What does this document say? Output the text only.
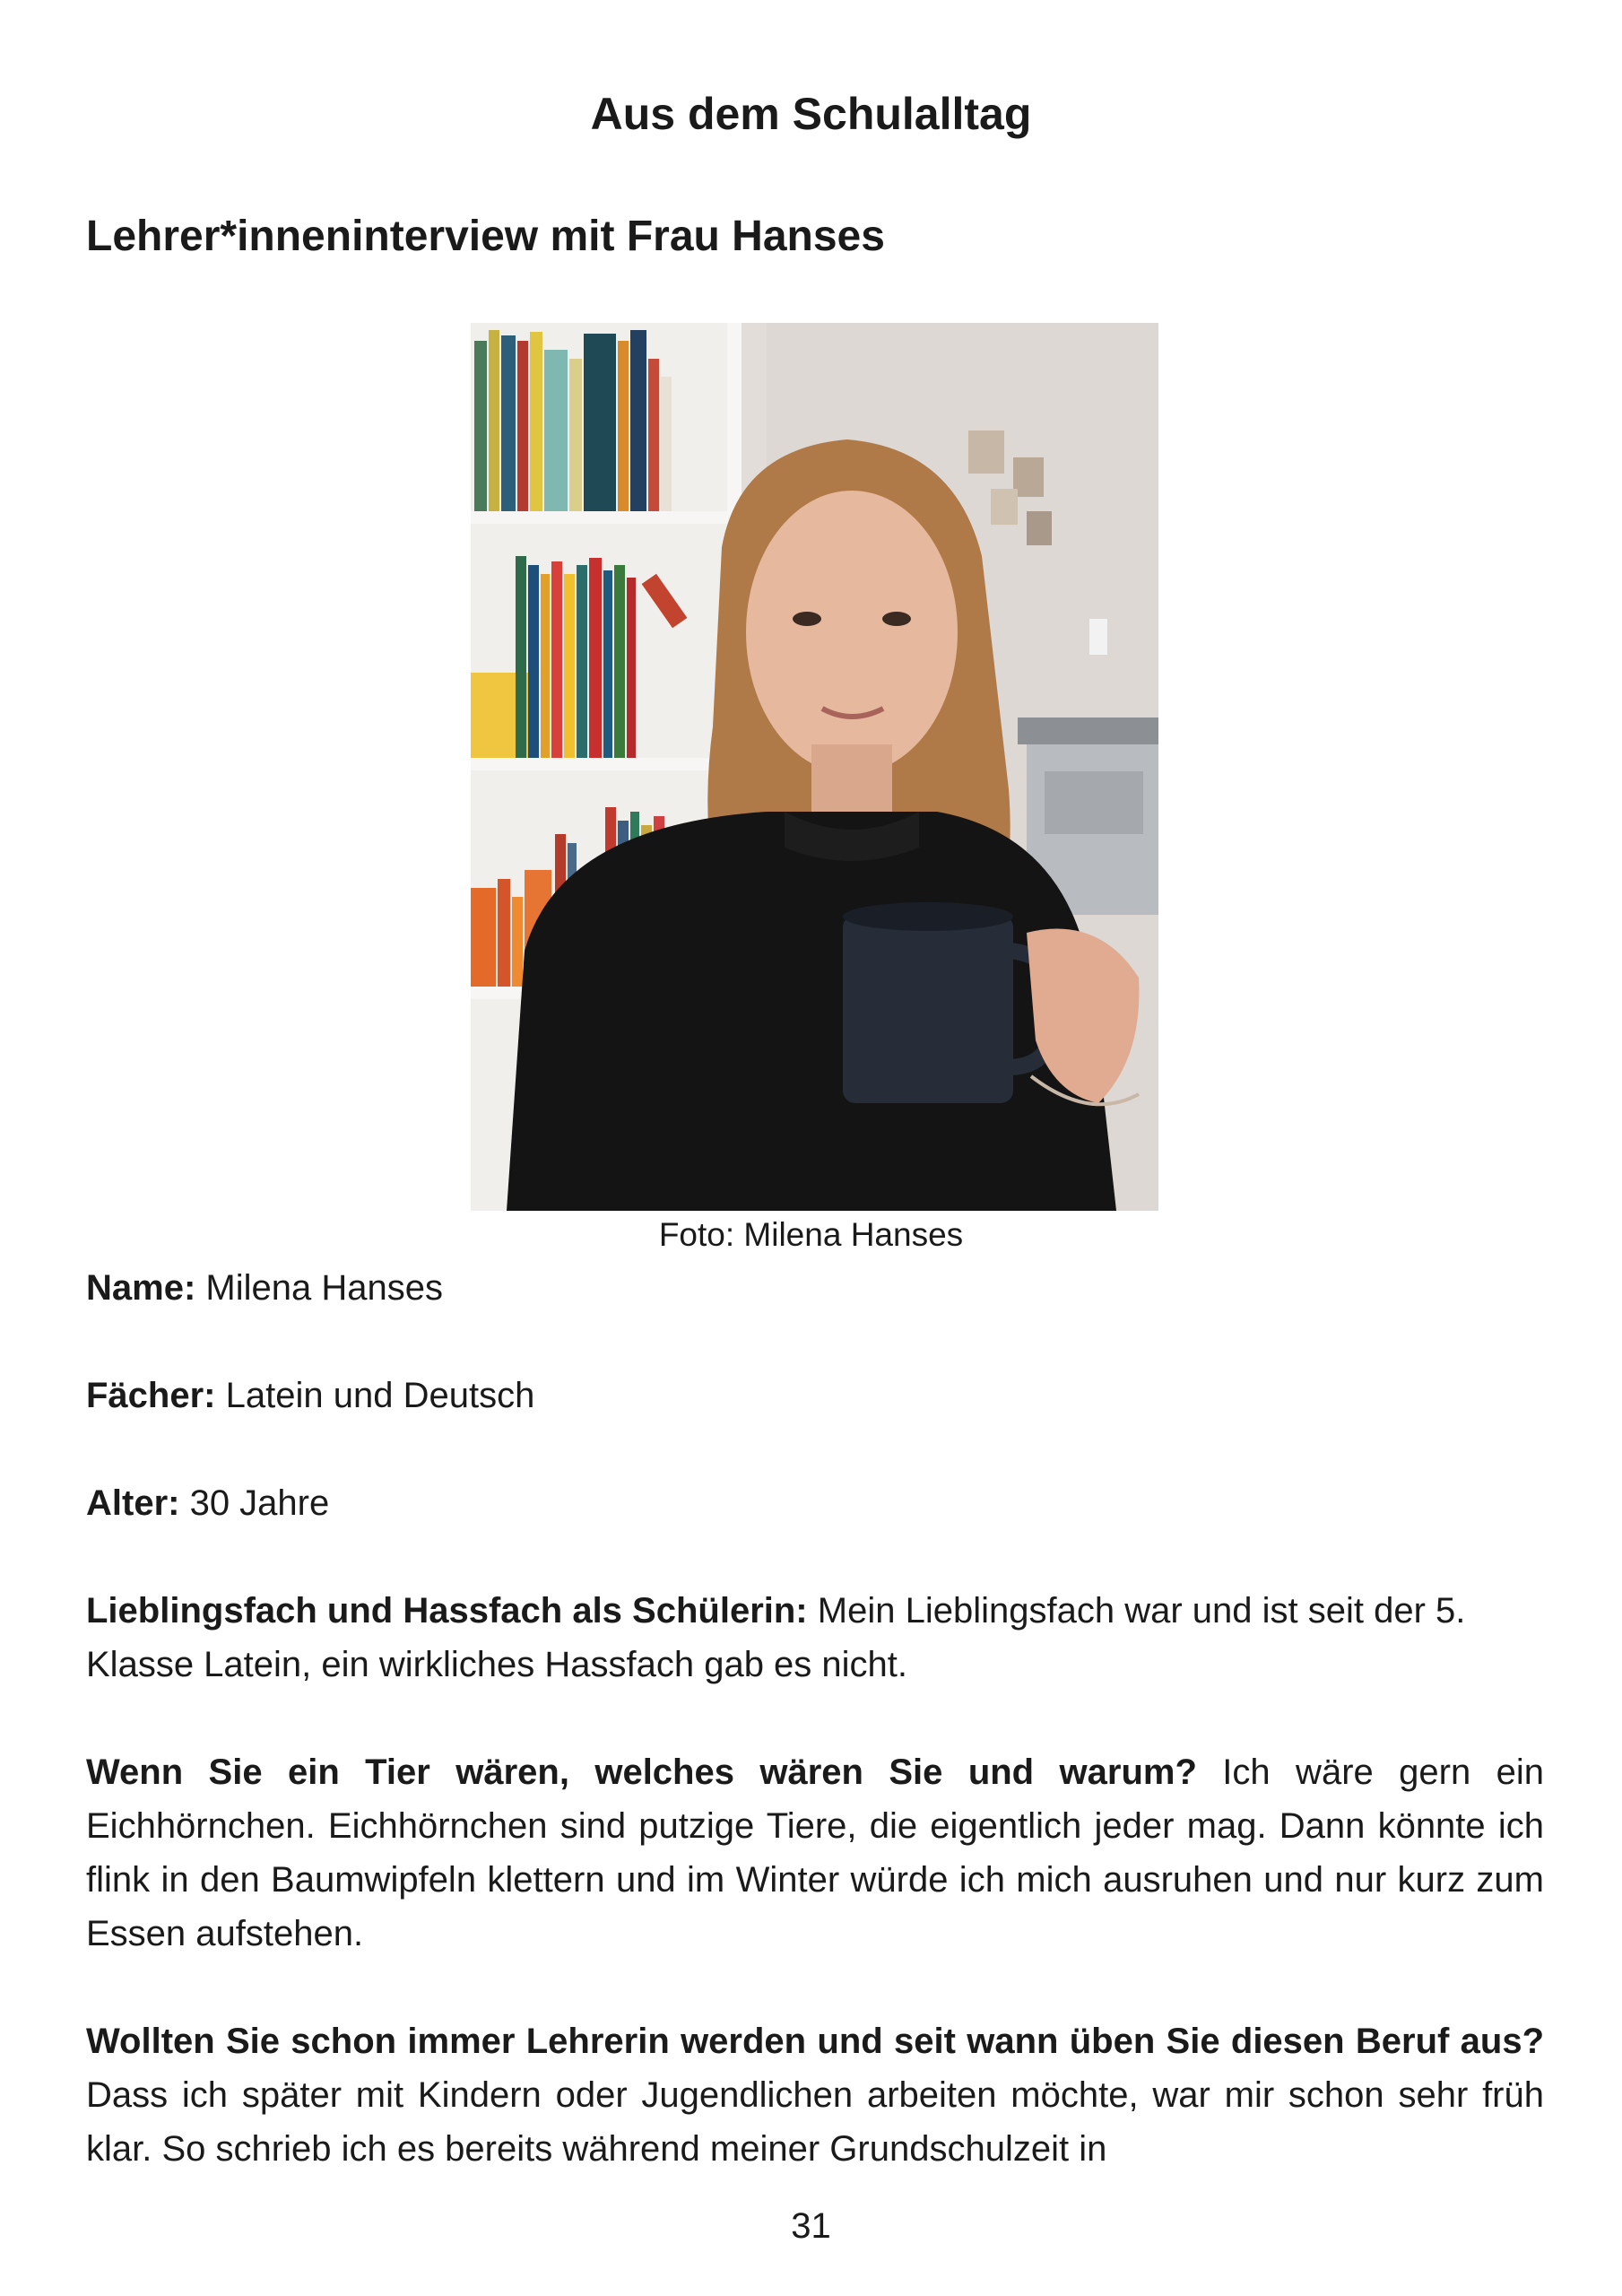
Aus dem Schulalltag
Lehrer*inneninterview mit Frau Hanses
Foto: Milena Hanses

Name: Milena Hanses

Fächer: Latein und Deutsch

Alter: 30 Jahre

Lieblingsfach und Hassfach als Schülerin: Mein Lieblingsfach war und ist seit der 5. Klasse Latein, ein wirkliches Hassfach gab es nicht.

Wenn Sie ein Tier wären, welches wären Sie und warum? Ich wäre gern ein Eichhörnchen. Eichhörnchen sind putzige Tiere, die eigentlich jeder mag. Dann könnte ich flink in den Baumwipfeln klettern und im Winter würde ich mich ausruhen und nur kurz zum Essen aufstehen.

Wollten Sie schon immer Lehrerin werden und seit wann üben Sie diesen Beruf aus? Dass ich später mit Kindern oder Jugendlichen arbeiten möchte, war mir schon sehr früh klar. So schrieb ich es bereits während meiner Grundschulzeit in

31
